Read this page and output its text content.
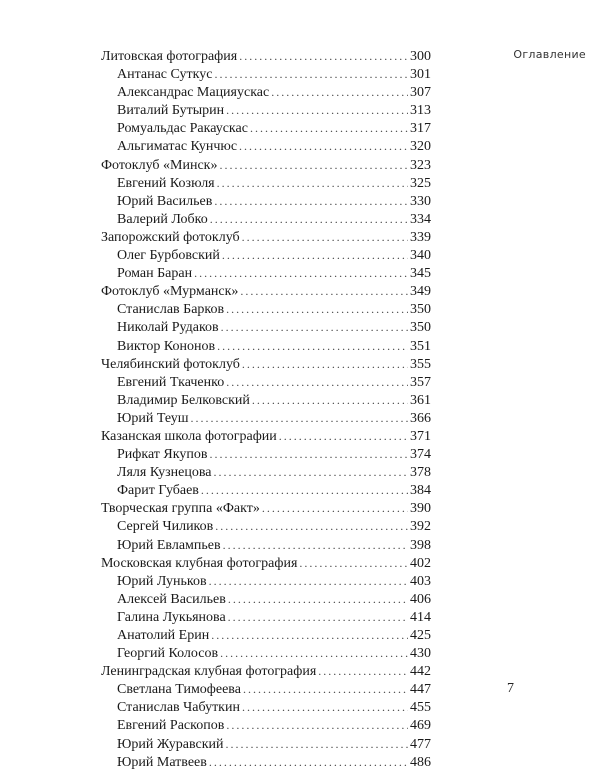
Оглавление
Литовская фотография .....	300
Антанас Суткус .....	301
Александрас Мацияускас .....	307
Виталий Бутырин .....	313
Ромуальдас Ракаускас .....	317
Альгиматас Кунчюс .....	320
Фотоклуб «Минск» .....	323
Евгений Козюля .....	325
Юрий Васильев .....	330
Валерий Лобко .....	334
Запорожский фотоклуб .....	339
Олег Бурбовский .....	340
Роман Баран .....	345
Фотоклуб «Мурманск» .....	349
Станислав Барков .....	350
Николай Рудаков .....	350
Виктор Кононов .....	351
Челябинский фотоклуб .....	355
Евгений Ткаченко .....	357
Владимир Белковский .....	361
Юрий Теуш .....	366
Казанская школа фотографии .....	371
Рифкат Якупов .....	374
Ляля Кузнецова .....	378
Фарит Губаев .....	384
Творческая группа «Факт» .....	390
Сергей Чиликов .....	392
Юрий Евлампьев .....	398
Московская клубная фотография .....	402
Юрий Луньков .....	403
Алексей Васильев .....	406
Галина Лукьянова .....	414
Анатолий Ерин .....	425
Георгий Колосов .....	430
Ленинградская клубная фотография .....	442
Светлана Тимофеева .....	447
Станислав Чабуткин .....	455
Евгений Раскопов .....	469
Юрий Журавский .....	477
Юрий Матвеев .....	486
7
